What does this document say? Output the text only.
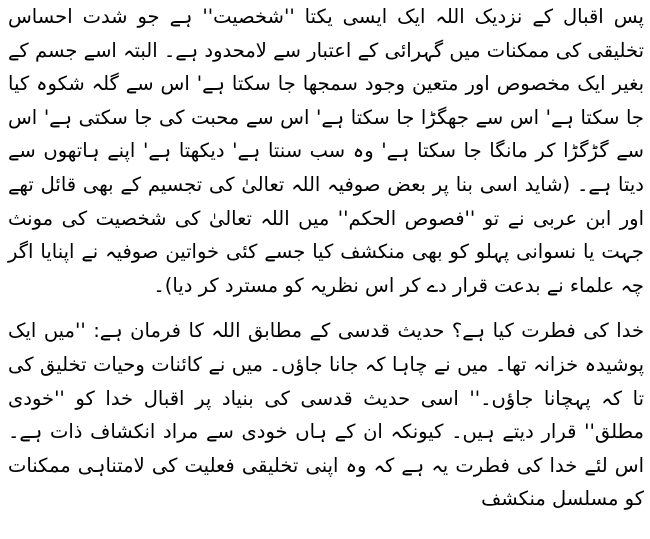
پس اقبال کے نزدیک اللہ ایک ایسی یکتا ''شخصیت'' ہے جو شدت احساس تخلیقی کی ممکنات میں گہرائی کے اعتبار سے لامحدود ہے۔ البتہ اسے جسم کے بغیر ایک مخصوص اور متعین وجود سمجھا جا سکتا ہے' اس سے گلہ شکوہ کیا جا سکتا ہے' اس سے جھگڑا جا سکتا ہے' اس سے محبت کی جا سکتی ہے' اس سے گڑگڑا کر مانگا جا سکتا ہے' وہ سب سنتا ہے' دیکھتا ہے' اپنے ہاتھوں سے دیتا ہے۔ (شاید اسی بنا پر بعض صوفیہ اللہ تعالیٰ کی تجسیم کے بھی قائل تھے اور ابن عربی نے تو ''فصوص الحکم'' میں اللہ تعالیٰ کی شخصیت کی مونث جہت یا نسوانی پہلو کو بھی منکشف کیا جسے کئی خواتین صوفیہ نے اپنایا اگر چہ علماء نے بدعت قرار دے کر اس نظریہ کو مسترد کر دیا)۔

خدا کی فطرت کیا ہے؟ حدیث قدسی کے مطابق اللہ کا فرمان ہے: ''میں ایک پوشیدہ خزانہ تھا۔ میں نے چاہا کہ جانا جاؤں۔ میں نے کائنات وحیات تخلیق کی تا کہ پہچانا جاؤں۔'' اسی حدیث قدسی کی بنیاد پر اقبال خدا کو ''خودی مطلق'' قرار دیتے ہیں۔ کیونکہ ان کے ہاں خودی سے مراد انکشاف ذات ہے۔ اس لئے خدا کی فطرت یہ ہے کہ وہ اپنی تخلیقی فعلیت کی لامتناہی ممکنات کو مسلسل منکشف
